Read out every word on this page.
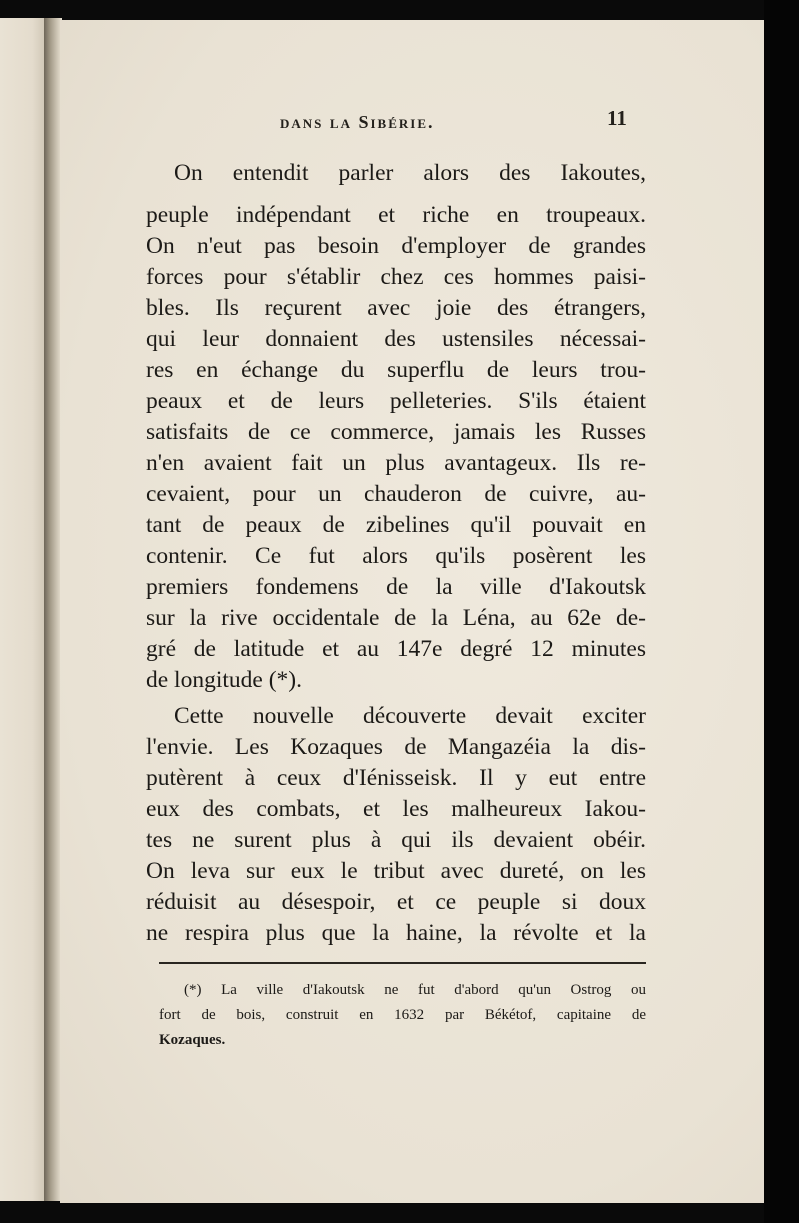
dans la Sibérie.	11
On entendit parler alors des Iakoutes,
peuple indépendant et riche en troupeaux.
On n'eut pas besoin d'employer de grandes
forces pour s'établir chez ces hommes paisi-
bles. Ils reçurent avec joie des étrangers,
qui leur donnaient des ustensiles nécessai-
res en échange du superflu de leurs trou-
peaux et de leurs pelleteries. S'ils étaient
satisfaits de ce commerce, jamais les Russes
n'en avaient fait un plus avantageux. Ils re-
cevaient, pour un chauderon de cuivre, au-
tant de peaux de zibelines qu'il pouvait en
contenir. Ce fut alors qu'ils posèrent les
premiers fondemens de la ville d'Iakoutsk
sur la rive occidentale de la Léna, au 62e de-
gré de latitude et au 147e degré 12 minutes
de longitude (*).
Cette nouvelle découverte devait exciter
l'envie. Les Kozaques de Mangazéia la dis-
putèrent à ceux d'Iénisseisk. Il y eut entre
eux des combats, et les malheureux Iakou-
tes ne surent plus à qui ils devaient obéir.
On leva sur eux le tribut avec dureté, on les
réduisit au désespoir, et ce peuple si doux
ne respira plus que la haine, la révolte et la
(*) La ville d'Iakoutsk ne fut d'abord qu'un Ostrog ou
fort de bois, construit en 1632 par Békétof, capitaine de
Kozaques.
